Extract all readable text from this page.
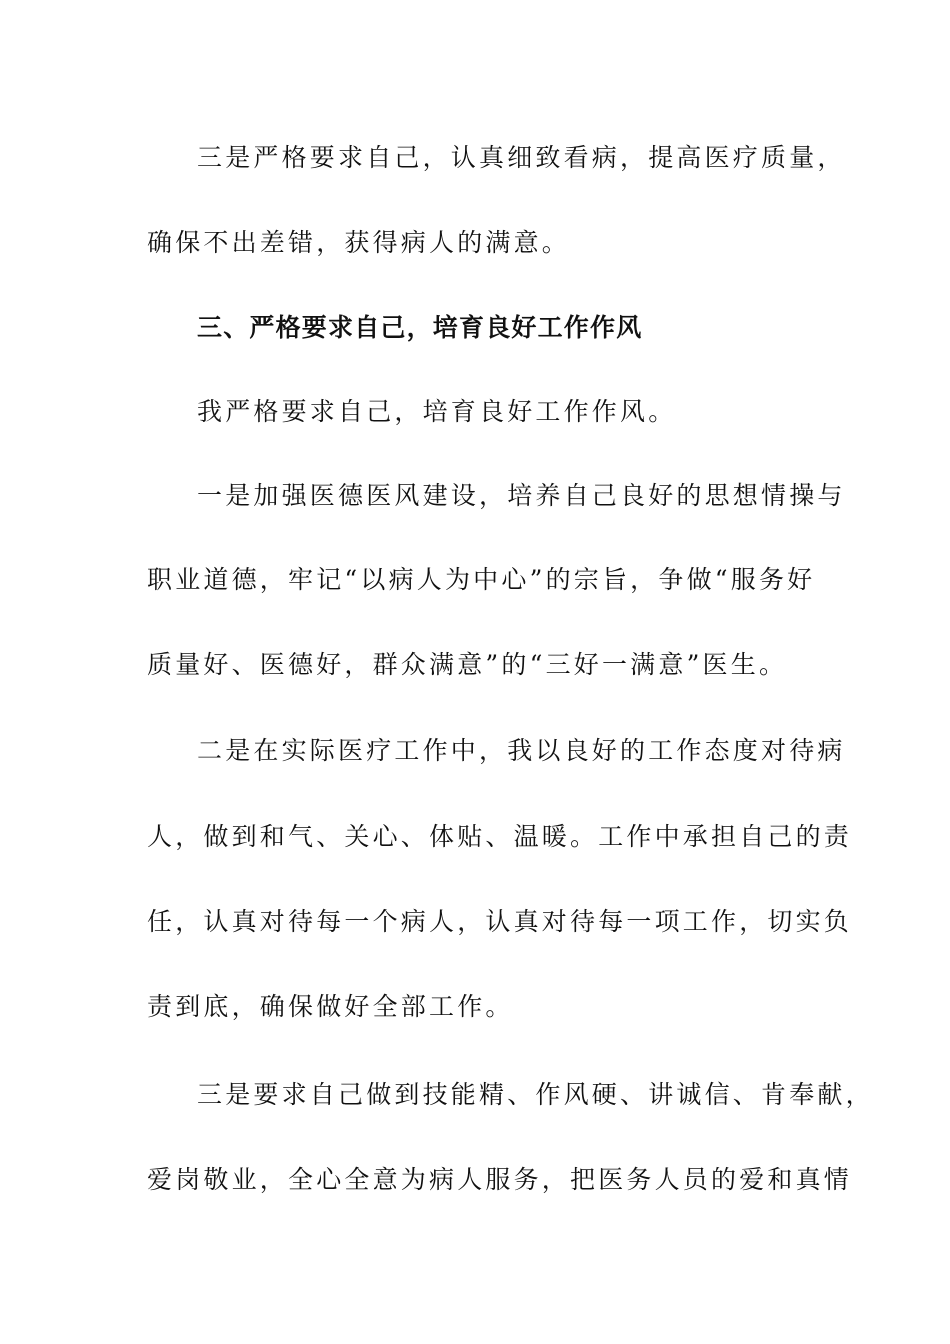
三是严格要求自己，认真细致看病，提高医疗质量，
确保不出差错，获得病人的满意。
三、严格要求自己，培育良好工作作风
我严格要求自己，培育良好工作作风。
一是加强医德医风建设，培养自己良好的思想情操与
职业道德，牢记“以病人为中心”的宗旨，争做“服务好
质量好、医德好，群众满意”的“三好一满意”医生。
二是在实际医疗工作中，我以良好的工作态度对待病
人，做到和气、关心、体贴、温暖。工作中承担自己的责
任，认真对待每一个病人，认真对待每一项工作，切实负
责到底，确保做好全部工作。
三是要求自己做到技能精、作风硬、讲诚信、肯奉献，
爱岗敬业，全心全意为病人服务，把医务人员的爱和真情
